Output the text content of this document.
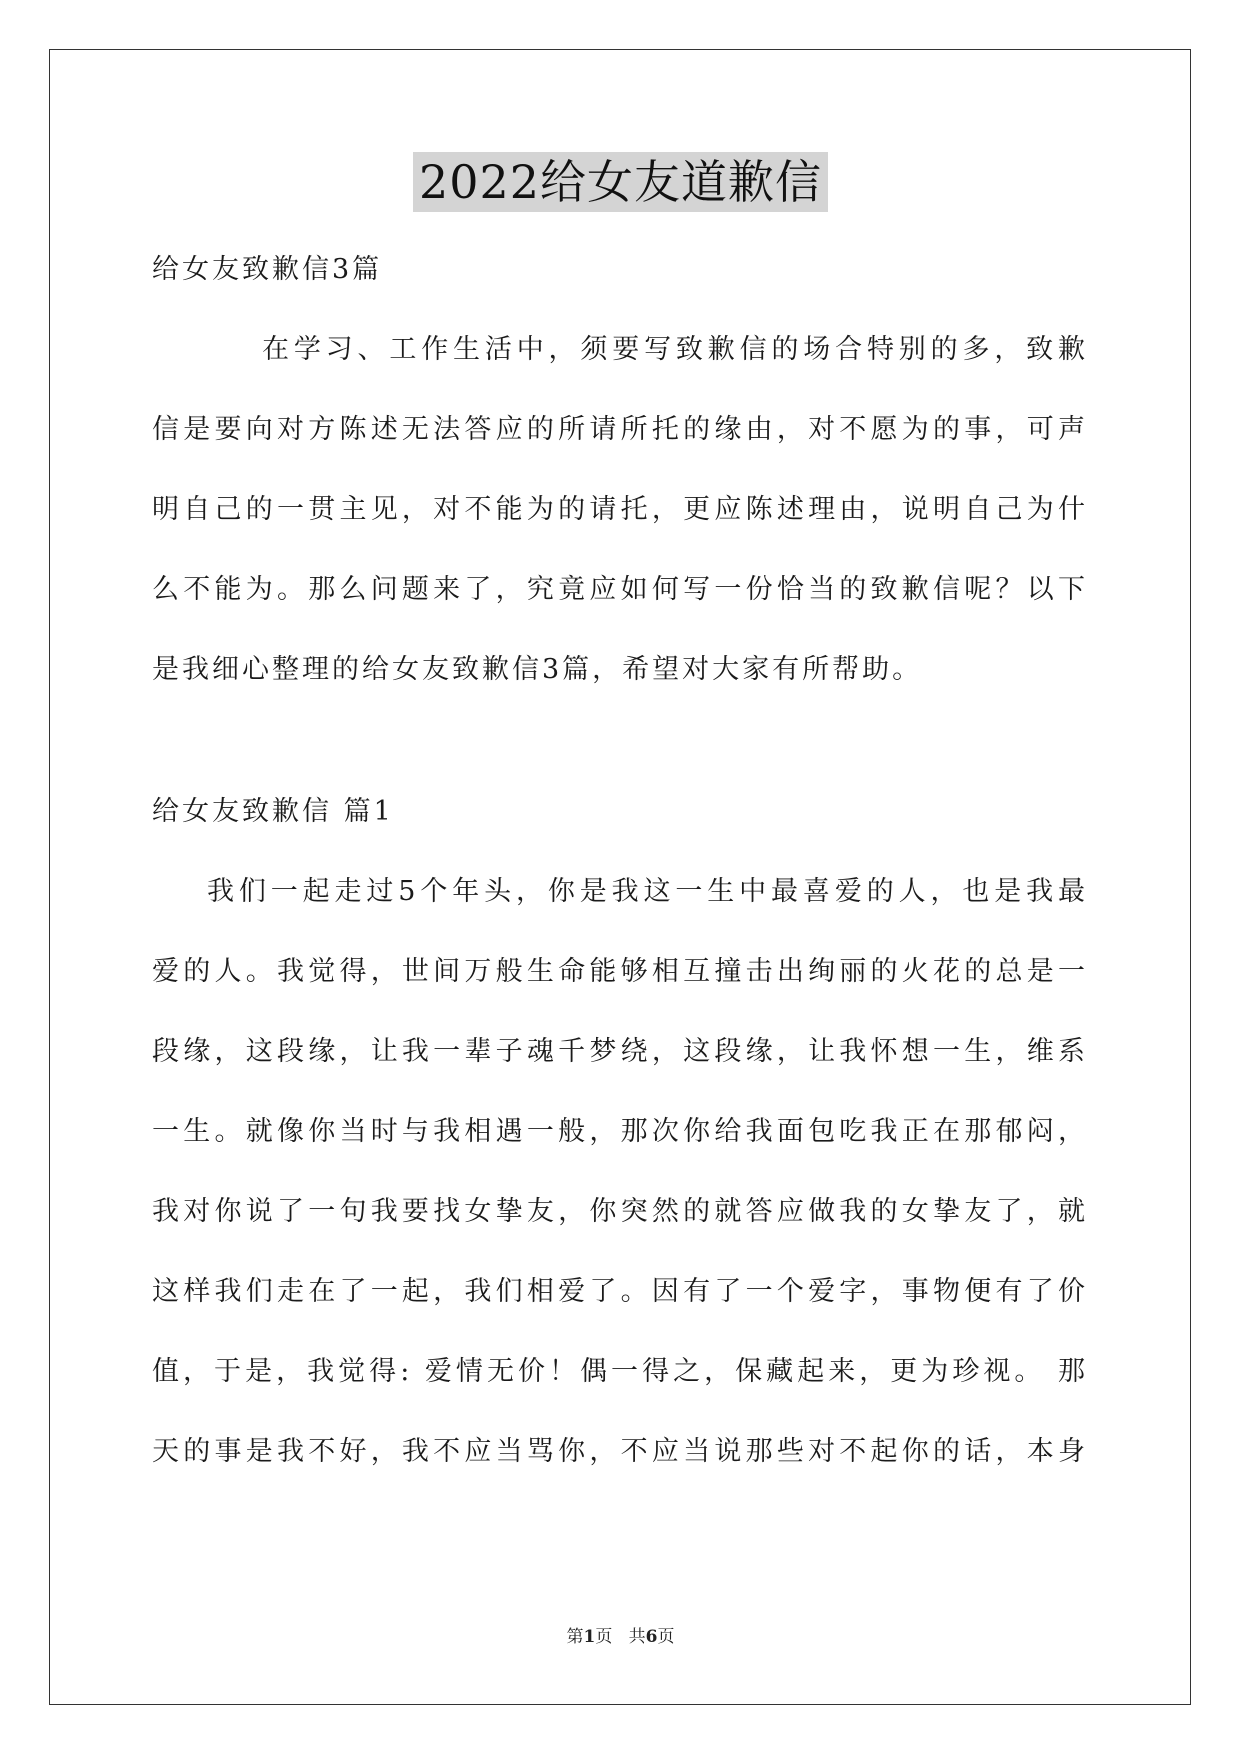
2022给女友道歉信
给女友致歉信3篇
在学习、工作生活中，须要写致歉信的场合特别的多，致歉
信是要向对方陈述无法答应的所请所托的缘由，对不愿为的事，可声
明自己的一贯主见，对不能为的请托，更应陈述理由，说明自己为什
么不能为。那么问题来了，究竟应如何写一份恰当的致歉信呢？以下
是我细心整理的给女友致歉信3篇，希望对大家有所帮助。
给女友致歉信 篇1
我们一起走过5个年头，你是我这一生中最喜爱的人，也是我最
爱的人。我觉得，世间万般生命能够相互撞击出绚丽的火花的总是一
段缘，这段缘，让我一辈子魂千梦绕，这段缘，让我怀想一生，维系
一生。就像你当时与我相遇一般，那次你给我面包吃我正在那郁闷，
我对你说了一句我要找女挚友，你突然的就答应做我的女挚友了，就
这样我们走在了一起，我们相爱了。因有了一个爱字，事物便有了价
值，于是，我觉得: 爱情无价！偶一得之，保藏起来，更为珍视。 那
天的事是我不好，我不应当骂你，不应当说那些对不起你的话，本身
第1页   共6页
